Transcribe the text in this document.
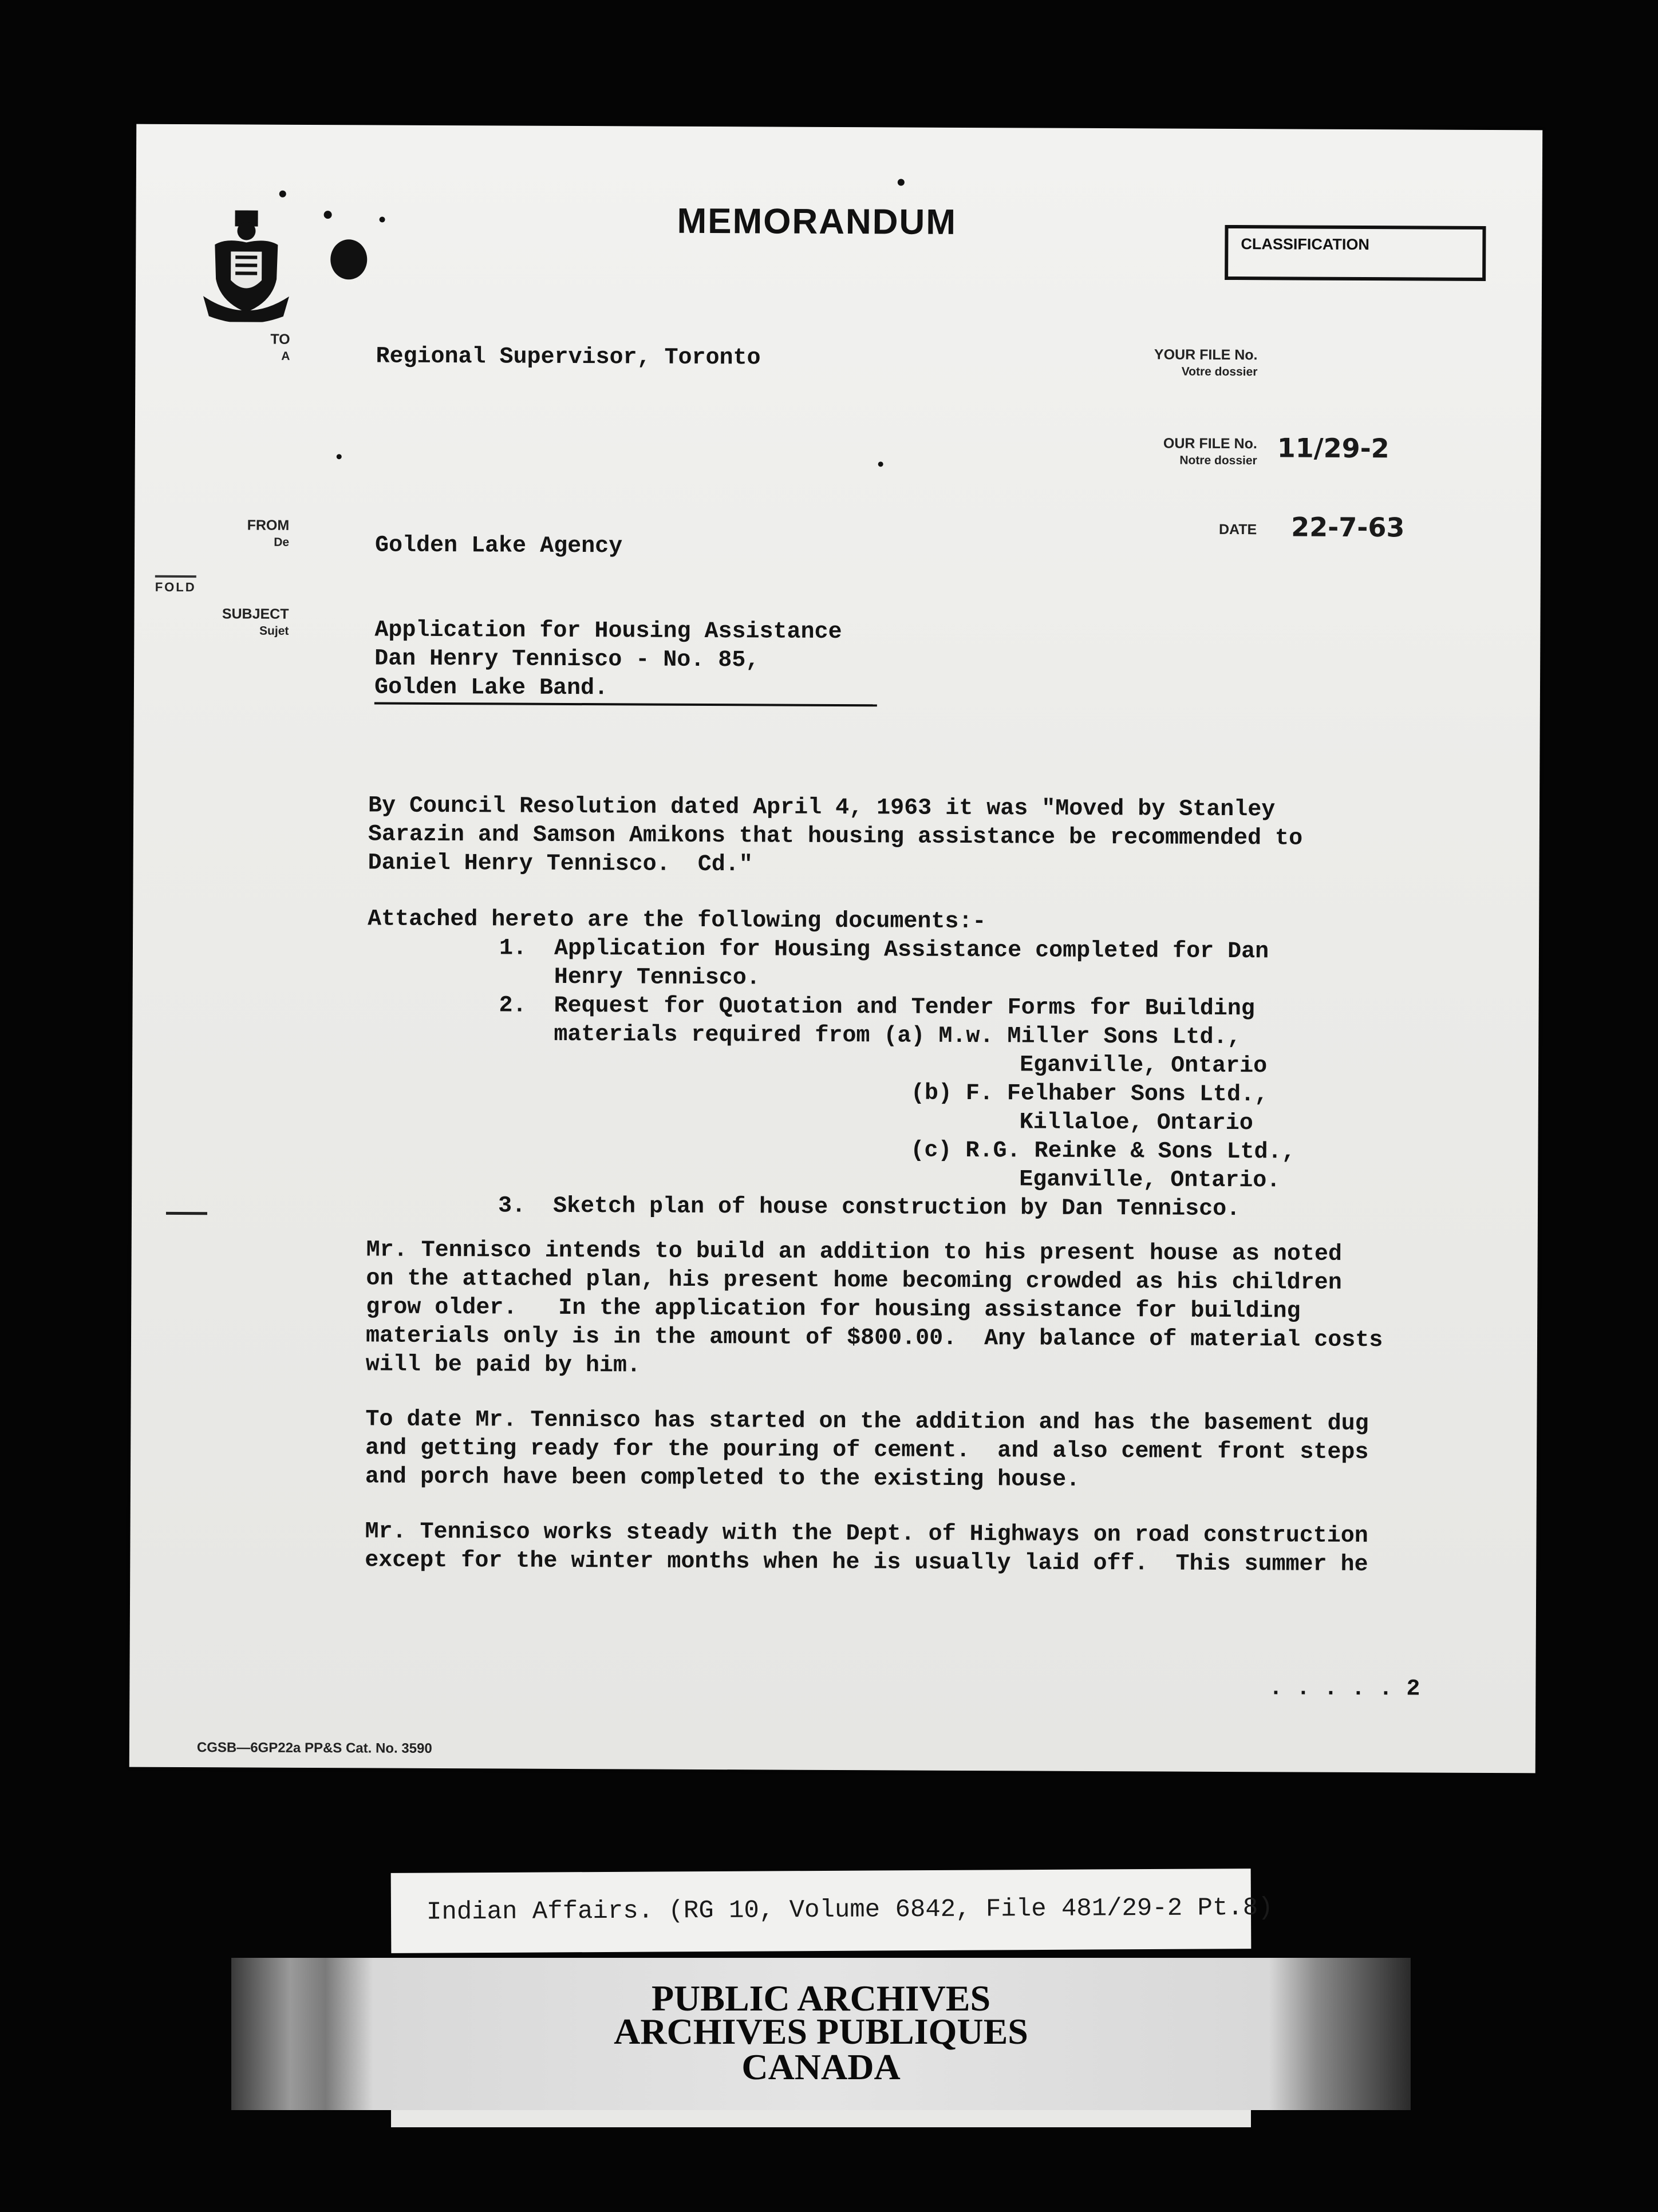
MEMORANDUM
CLASSIFICATION
TO
A	Regional Supervisor, Toronto	YOUR FILE No.
Votre dossier
OUR FILE No.
Notre dossier 11/29-2
DATE 22-7-63
FROM
De	Golden Lake Agency
FOLD
SUBJECT
Sujet	Application for Housing Assistance
Dan Henry Tennisco - No. 85,
Golden Lake Band.
By Council Resolution dated April 4, 1963 it was "Moved by Stanley
Sarazin and Samson Amikons that housing assistance be recommended to
Daniel Henry Tennisco.  Cd."
Attached hereto are the following documents:-
1.  Application for Housing Assistance completed for Dan
Henry Tennisco.
2.  Request for Quotation and Tender Forms for Building
materials required from (a) M.w. Miller Sons Ltd.,
Eganville, Ontario
(b) F. Felhaber Sons Ltd.,
Killaloe, Ontario
(c) R.G. Reinke & Sons Ltd.,
Eganville, Ontario.
3.  Sketch plan of house construction by Dan Tennisco.
Mr. Tennisco intends to build an addition to his present house as noted
on the attached plan, his present home becoming crowded as his children
grow older.   In the application for housing assistance for building
materials only is in the amount of $800.00.  Any balance of material costs
will be paid by him.
To date Mr. Tennisco has started on the addition and has the basement dug
and getting ready for the pouring of cement.  and also cement front steps
and porch have been completed to the existing house.
Mr. Tennisco works steady with the Dept. of Highways on road construction
except for the winter months when he is usually laid off.  This summer he
. . . . . 2
CGSB—6GP22a PP&S Cat. No. 3590
Indian Affairs. (RG 10, Volume 6842, File 481/29-2 Pt.8)
PUBLIC ARCHIVES
ARCHIVES PUBLIQUES
CANADA
